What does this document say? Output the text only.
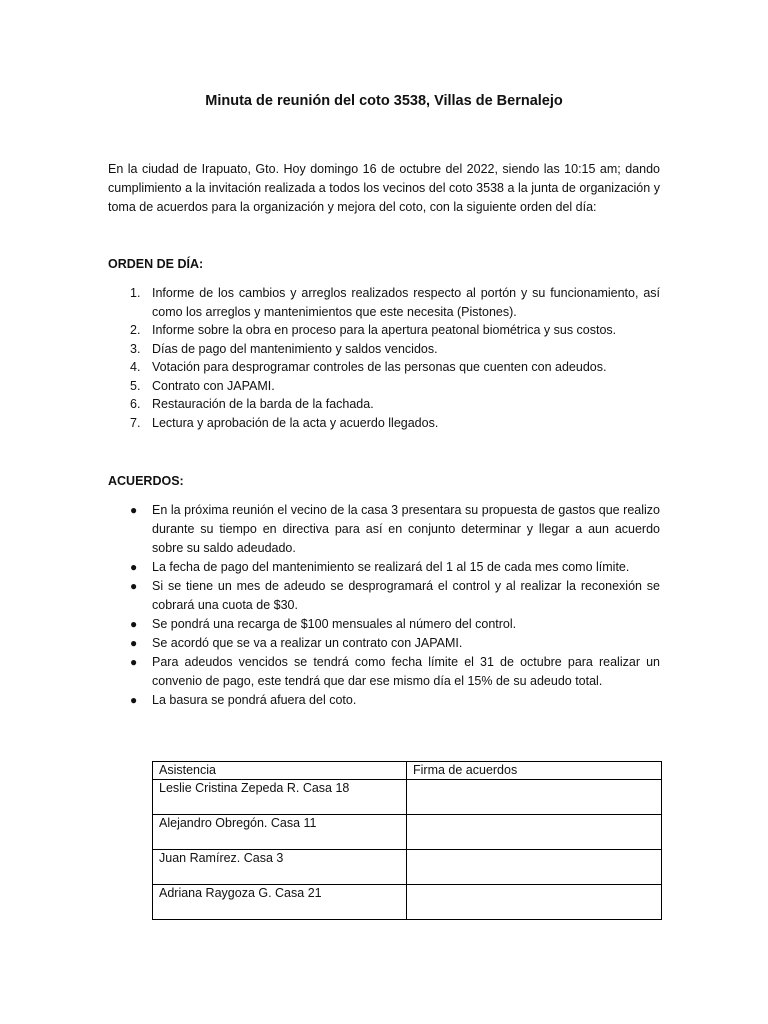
Minuta de reunión del coto 3538, Villas de Bernalejo
En la ciudad de Irapuato, Gto. Hoy domingo 16 de octubre del 2022, siendo las 10:15 am; dando cumplimiento a la invitación realizada a todos los vecinos del coto 3538 a la junta de organización y toma de acuerdos para la organización y mejora del coto, con la siguiente orden del día:
ORDEN DE DÍA:
1. Informe de los cambios y arreglos realizados respecto al portón y su funcionamiento, así como los arreglos y mantenimientos que este necesita (Pistones).
2. Informe sobre la obra en proceso para la apertura peatonal biométrica y sus costos.
3. Días de pago del mantenimiento y saldos vencidos.
4. Votación para desprogramar controles de las personas que cuenten con adeudos.
5. Contrato con JAPAMI.
6. Restauración de la barda de la fachada.
7. Lectura y aprobación de la acta y acuerdo llegados.
ACUERDOS:
● En la próxima reunión el vecino de la casa 3 presentara su propuesta de gastos que realizo durante su tiempo en directiva para así en conjunto determinar y llegar a aun acuerdo sobre su saldo adeudado.
● La fecha de pago del mantenimiento se realizará del 1 al 15 de cada mes como límite.
● Si se tiene un mes de adeudo se desprogramará el control y al realizar la reconexión se cobrará una cuota de $30.
● Se pondrá una recarga de $100 mensuales al número del control.
● Se acordó que se va a realizar un contrato con JAPAMI.
● Para adeudos vencidos se tendrá como fecha límite el 31 de octubre para realizar un convenio de pago, este tendrá que dar ese mismo día el 15% de su adeudo total.
● La basura se pondrá afuera del coto.
Asistencia	Firma de acuerdos
Leslie Cristina Zepeda R. Casa 18	
Alejandro Obregón. Casa 11	
Juan Ramírez. Casa 3	
Adriana Raygoza G. Casa 21	
